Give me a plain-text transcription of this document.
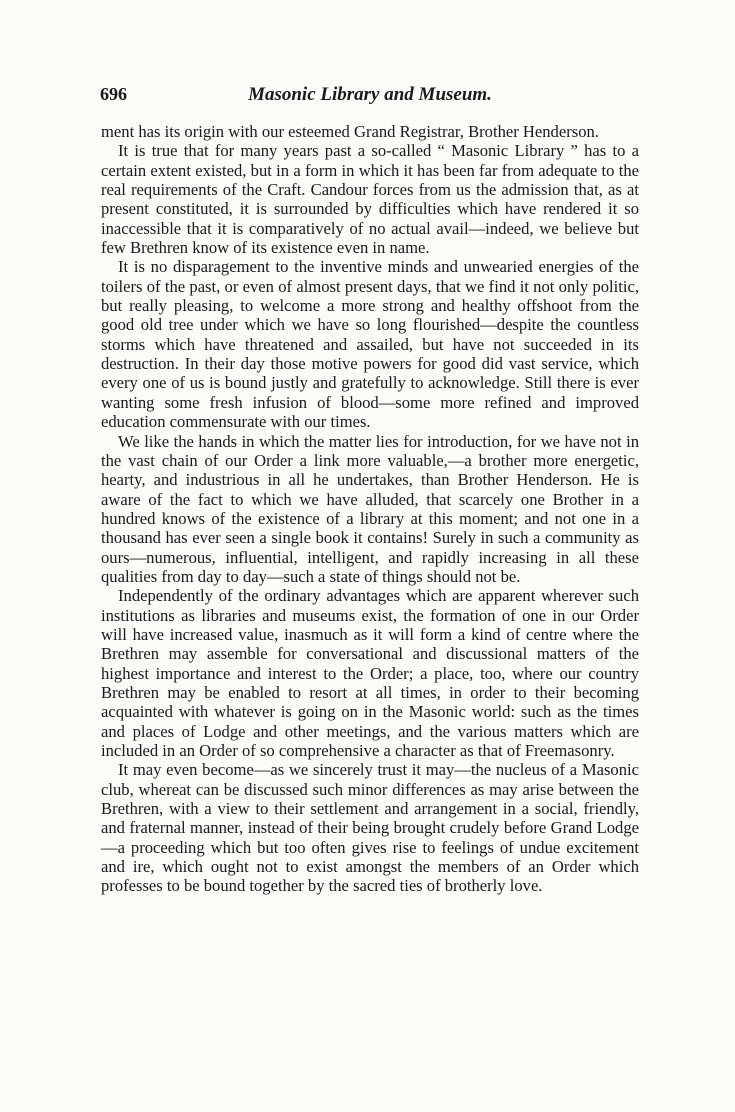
696	Masonic Library and Museum.

ment has its origin with our esteemed Grand Registrar, Brother Henderson.

It is true that for many years past a so-called “ Masonic Library ” has to a certain extent existed, but in a form in which it has been far from adequate to the real requirements of the Craft. Candour forces from us the admission that, as at present constituted, it is surrounded by difficulties which have rendered it so inaccessible that it is comparatively of no actual avail—indeed, we believe but few Brethren know of its existence even in name.

It is no disparagement to the inventive minds and unwearied energies of the toilers of the past, or even of almost present days, that we find it not only politic, but really pleasing, to welcome a more strong and healthy offshoot from the good old tree under which we have so long flourished—despite the countless storms which have threatened and assailed, but have not succeeded in its destruction. In their day those motive powers for good did vast service, which every one of us is bound justly and gratefully to acknowledge. Still there is ever wanting some fresh infusion of blood—some more refined and improved education commensurate with our times.

We like the hands in which the matter lies for introduction, for we have not in the vast chain of our Order a link more valuable,—a brother more energetic, hearty, and industrious in all he undertakes, than Brother Henderson. He is aware of the fact to which we have alluded, that scarcely one Brother in a hundred knows of the existence of a library at this moment; and not one in a thousand has ever seen a single book it contains! Surely in such a community as ours—numerous, influential, intelligent, and rapidly increasing in all these qualities from day to day—such a state of things should not be.

Independently of the ordinary advantages which are apparent wherever such institutions as libraries and museums exist, the formation of one in our Order will have increased value, inasmuch as it will form a kind of centre where the Brethren may assemble for conversational and discussional matters of the highest importance and interest to the Order; a place, too, where our country Brethren may be enabled to resort at all times, in order to their becoming acquainted with whatever is going on in the Masonic world: such as the times and places of Lodge and other meetings, and the various matters which are included in an Order of so comprehensive a character as that of Freemasonry.

It may even become—as we sincerely trust it may—the nucleus of a Masonic club, whereat can be discussed such minor differences as may arise between the Brethren, with a view to their settlement and arrangement in a social, friendly, and fraternal manner, instead of their being brought crudely before Grand Lodge—a proceeding which but too often gives rise to feelings of undue excitement and ire, which ought not to exist amongst the members of an Order which professes to be bound together by the sacred ties of brotherly love.
